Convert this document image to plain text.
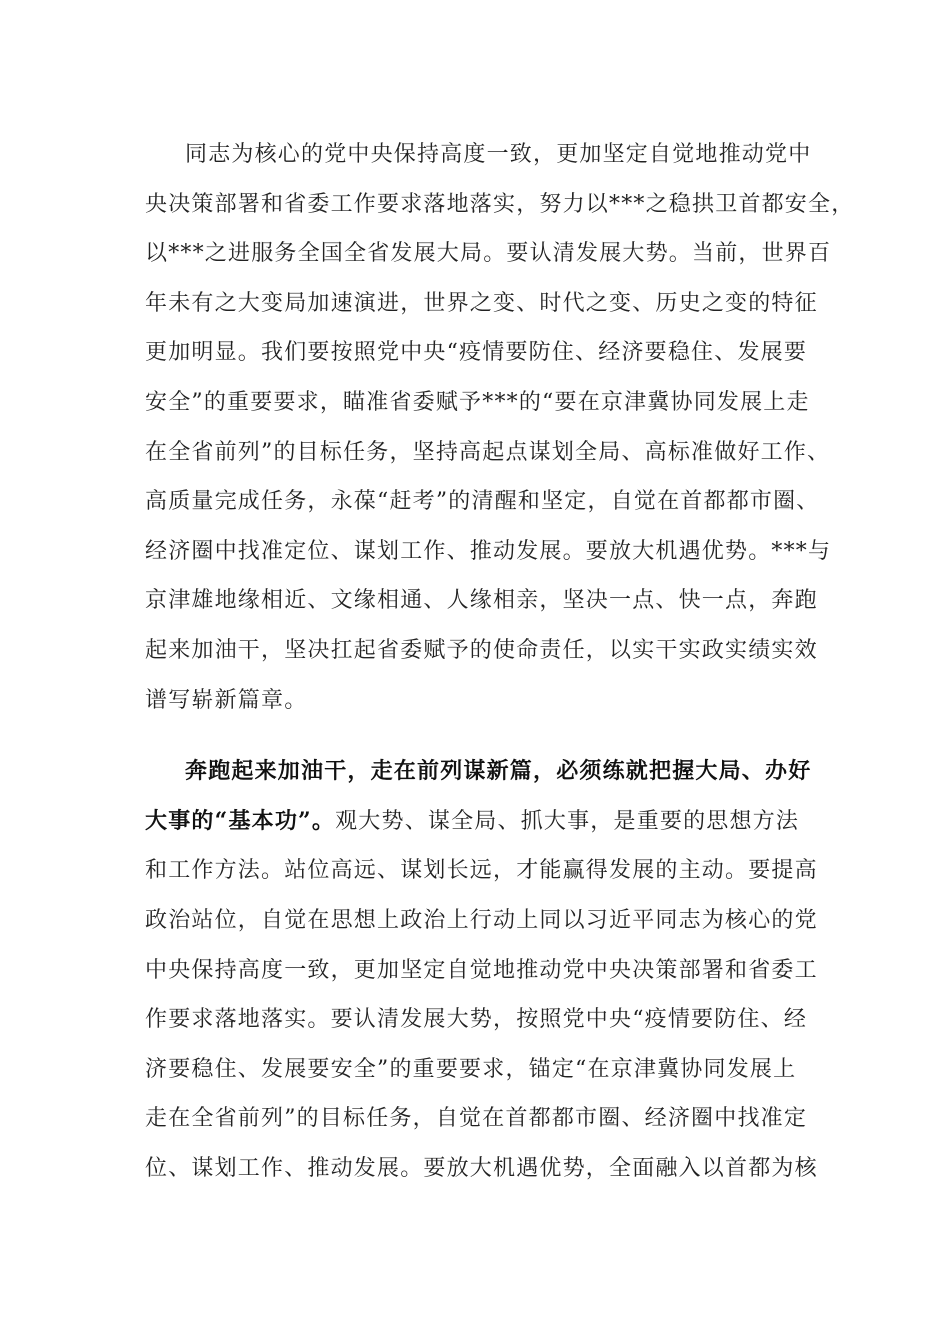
同志为核心的党中央保持高度一致，更加坚定自觉地推动党中
央决策部署和省委工作要求落地落实，努力以***之稳拱卫首都安全，
以***之进服务全国全省发展大局。要认清发展大势。当前，世界百
年未有之大变局加速演进，世界之变、时代之变、历史之变的特征
更加明显。我们要按照党中央“疫情要防住、经济要稳住、发展要
安全”的重要要求，瞄准省委赋予***的“要在京津冀协同发展上走
在全省前列”的目标任务，坚持高起点谋划全局、高标准做好工作、
高质量完成任务，永葆“赶考”的清醒和坚定，自觉在首都都市圈、
经济圈中找准定位、谋划工作、推动发展。要放大机遇优势。***与
京津雄地缘相近、文缘相通、人缘相亲，坚决一点、快一点，奔跑
起来加油干，坚决扛起省委赋予的使命责任，以实干实政实绩实效
谱写崭新篇章。
奔跑起来加油干，走在前列谋新篇，必须练就把握大局、办好
大事的“基本功”。观大势、谋全局、抓大事，是重要的思想方法
和工作方法。站位高远、谋划长远，才能赢得发展的主动。要提高
政治站位，自觉在思想上政治上行动上同以习近平同志为核心的党
中央保持高度一致，更加坚定自觉地推动党中央决策部署和省委工
作要求落地落实。要认清发展大势，按照党中央“疫情要防住、经
济要稳住、发展要安全”的重要要求，锚定“在京津冀协同发展上
走在全省前列”的目标任务，自觉在首都都市圈、经济圈中找准定
位、谋划工作、推动发展。要放大机遇优势，全面融入以首都为核
